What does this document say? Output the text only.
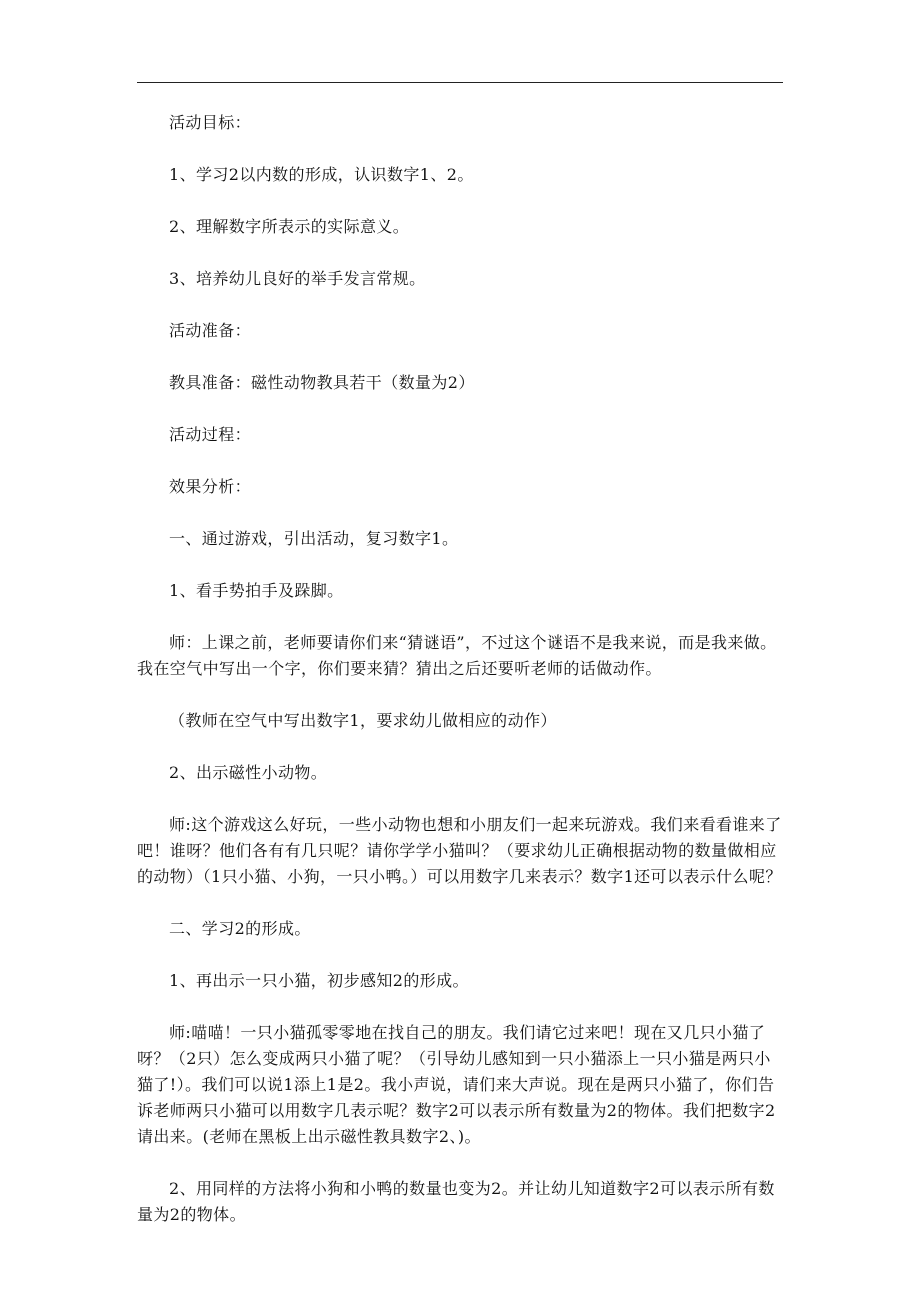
活动目标：

1、学习2以内数的形成，认识数字1、2。

2、理解数字所表示的实际意义。

3、培养幼儿良好的举手发言常规。

活动准备：

教具准备：磁性动物教具若干（数量为2）

活动过程：

效果分析：

一、通过游戏，引出活动，复习数字1。

1、看手势拍手及跺脚。

师：上课之前，老师要请你们来“猜谜语”，不过这个谜语不是我来说，而是我来做。我在空气中写出一个字，你们要来猜？猜出之后还要听老师的话做动作。

（教师在空气中写出数字1，要求幼儿做相应的动作）

2、出示磁性小动物。

师:这个游戏这么好玩，一些小动物也想和小朋友们一起来玩游戏。我们来看看谁来了吧！谁呀？他们各有有几只呢？请你学学小猫叫？（要求幼儿正确根据动物的数量做相应的动物）（1只小猫、小狗，一只小鸭。）可以用数字几来表示？数字1还可以表示什么呢？

二、学习2的形成。

1、再出示一只小猫，初步感知2的形成。

师:喵喵！一只小猫孤零零地在找自己的朋友。我们请它过来吧！现在又几只小猫了呀？（2只）怎么变成两只小猫了呢？（引导幼儿感知到一只小猫添上一只小猫是两只小猫了!）。我们可以说1添上1是2。我小声说，请们来大声说。现在是两只小猫了，你们告诉老师两只小猫可以用数字几表示呢？数字2可以表示所有数量为2的物体。我们把数字2请出来。(老师在黑板上出示磁性教具数字2、)。

2、用同样的方法将小狗和小鸭的数量也变为2。并让幼儿知道数字2可以表示所有数量为2的物体。
